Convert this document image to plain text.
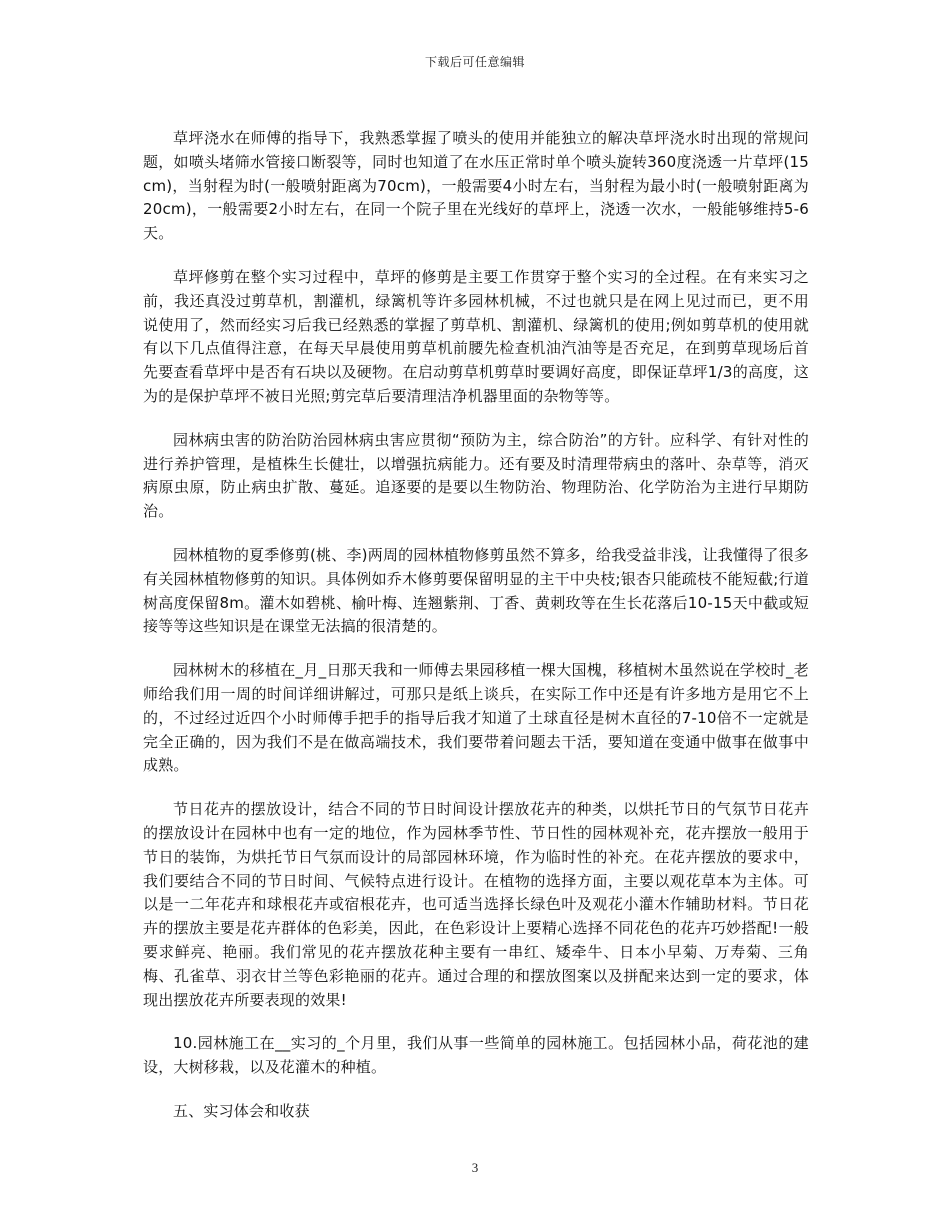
下载后可任意编辑

草坪浇水在师傅的指导下，我熟悉掌握了喷头的使用并能独立的解决草坪浇水时出现的常规问题，如喷头堵筛水管接口断裂等，同时也知道了在水压正常时单个喷头旋转360度浇透一片草坪(15cm)，当射程为时(一般喷射距离为70cm)，一般需要4小时左右，当射程为最小时(一般喷射距离为20cm)，一般需要2小时左右，在同一个院子里在光线好的草坪上，浇透一次水，一般能够维持5-6天。

草坪修剪在整个实习过程中，草坪的修剪是主要工作贯穿于整个实习的全过程。在有来实习之前，我还真没过剪草机，割灌机，绿篱机等许多园林机械，不过也就只是在网上见过而已，更不用说使用了，然而经实习后我已经熟悉的掌握了剪草机、割灌机、绿篱机的使用;例如剪草机的使用就有以下几点值得注意，在每天早晨使用剪草机前腰先检查机油汽油等是否充足，在到剪草现场后首先要查看草坪中是否有石块以及硬物。在启动剪草机剪草时要调好高度，即保证草坪1/3的高度，这为的是保护草坪不被日光照;剪完草后要清理洁净机器里面的杂物等等。

园林病虫害的防治防治园林病虫害应贯彻“预防为主，综合防治”的方针。应科学、有针对性的进行养护管理，是植株生长健壮，以增强抗病能力。还有要及时清理带病虫的落叶、杂草等，消灭病原虫原，防止病虫扩散、蔓延。追逐要的是要以生物防治、物理防治、化学防治为主进行早期防治。

园林植物的夏季修剪(桃、李)两周的园林植物修剪虽然不算多，给我受益非浅，让我懂得了很多有关园林植物修剪的知识。具体例如乔木修剪要保留明显的主干中央枝;银杏只能疏枝不能短截;行道树高度保留8m。灌木如碧桃、榆叶梅、连翘紫荆、丁香、黄刺玫等在生长花落后10-15天中截或短接等等这些知识是在课堂无法搞的很清楚的。

园林树木的移植在_月_日那天我和一师傅去果园移植一棵大国槐，移植树木虽然说在学校时_老师给我们用一周的时间详细讲解过，可那只是纸上谈兵，在实际工作中还是有许多地方是用它不上的，不过经过近四个小时师傅手把手的指导后我才知道了土球直径是树木直径的7-10倍不一定就是完全正确的，因为我们不是在做高端技术，我们要带着问题去干活，要知道在变通中做事在做事中成熟。

节日花卉的摆放设计，结合不同的节日时间设计摆放花卉的种类，以烘托节日的气氛节日花卉的摆放设计在园林中也有一定的地位，作为园林季节性、节日性的园林观补充，花卉摆放一般用于节日的装饰，为烘托节日气氛而设计的局部园林环境，作为临时性的补充。在花卉摆放的要求中，我们要结合不同的节日时间、气候特点进行设计。在植物的选择方面，主要以观花草本为主体。可以是一二年花卉和球根花卉或宿根花卉，也可适当选择长绿色叶及观花小灌木作辅助材料。节日花卉的摆放主要是花卉群体的色彩美，因此，在色彩设计上要精心选择不同花色的花卉巧妙搭配!一般要求鲜亮、艳丽。我们常见的花卉摆放花种主要有一串红、矮牵牛、日本小早菊、万寿菊、三角梅、孔雀草、羽衣甘兰等色彩艳丽的花卉。通过合理的和摆放图案以及拼配来达到一定的要求，体现出摆放花卉所要表现的效果!

10.园林施工在__实习的_个月里，我们从事一些简单的园林施工。包括园林小品，荷花池的建设，大树移栽，以及花灌木的种植。

五、实习体会和收获

3
